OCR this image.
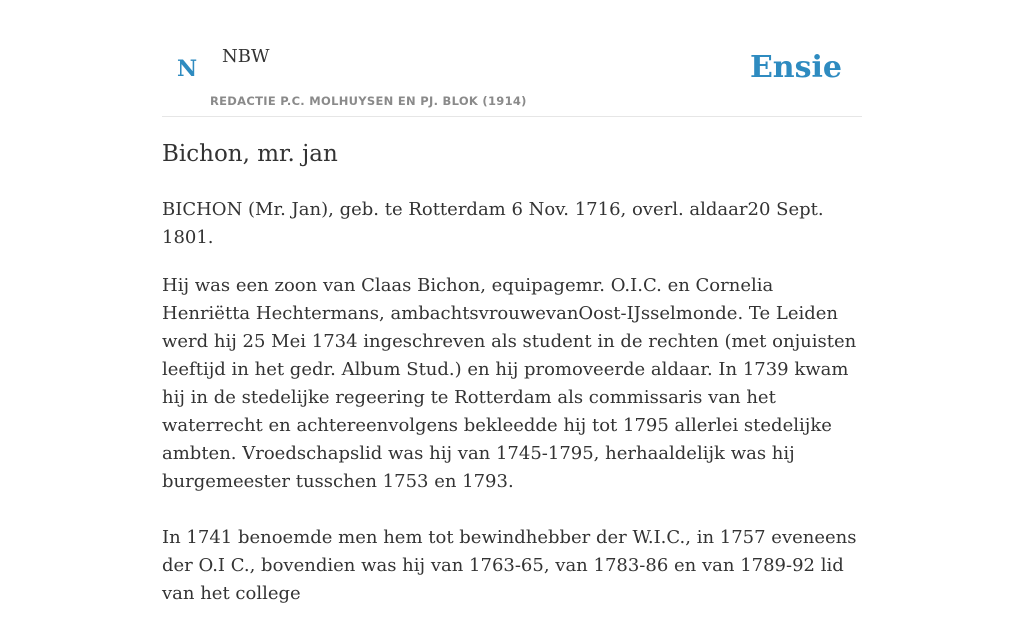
N NBW
REDACTIE P.C. MOLHUYSEN EN PJ. BLOK (1914)
Ensie
Bichon, mr. jan

BICHON (Mr. Jan), geb. te Rotterdam 6 Nov. 1716, overl. aldaar20 Sept. 1801.

Hij was een zoon van Claas Bichon, equipagemr. O.I.C. en Cornelia Henriëtta Hechtermans, ambachtsvrouwevanOost-IJsselmonde. Te Leiden werd hij 25 Mei 1734 ingeschreven als student in de rechten (met onjuisten leeftijd in het gedr. Album Stud.) en hij promoveerde aldaar. In 1739 kwam hij in de stedelijke regeering te Rotterdam als commissaris van het waterrecht en achtereenvolgens bekleedde hij tot 1795 allerlei stedelijke ambten. Vroedschapslid was hij van 1745-1795, herhaaldelijk was hij burgemeester tusschen 1753 en 1793.

In 1741 benoemde men hem tot bewindhebber der W.I.C., in 1757 eveneens der O.I C., bovendien was hij van 1763-65, van 1783-86 en van 1789-92 lid van het college
